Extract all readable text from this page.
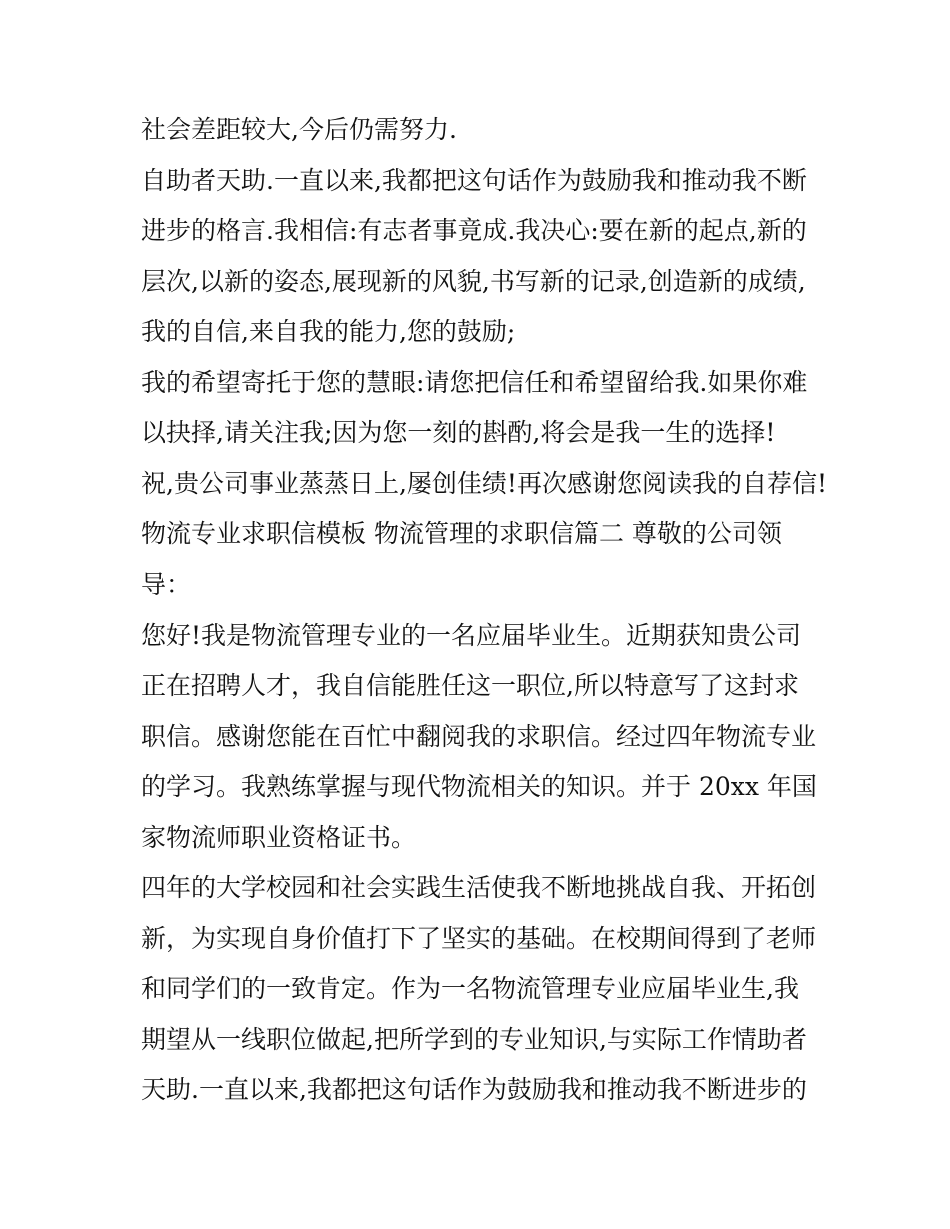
社会差距较大,今后仍需努力.
自助者天助.一直以来,我都把这句话作为鼓励我和推动我不断
进步的格言.我相信:有志者事竟成.我决心:要在新的起点,新的
层次,以新的姿态,展现新的风貌,书写新的记录,创造新的成绩,
我的自信,来自我的能力,您的鼓励;
我的希望寄托于您的慧眼:请您把信任和希望留给我.如果你难
以抉择,请关注我;因为您一刻的斟酌,将会是我一生的选择!
祝,贵公司事业蒸蒸日上,屡创佳绩!再次感谢您阅读我的自荐信!
物流专业求职信模板 物流管理的求职信篇二 尊敬的公司领
导：
您好!我是物流管理专业的一名应届毕业生。近期获知贵公司
正在招聘人才，我自信能胜任这一职位,所以特意写了这封求
职信。感谢您能在百忙中翻阅我的求职信。经过四年物流专业
的学习。我熟练掌握与现代物流相关的知识。并于 20xx 年国
家物流师职业资格证书。
四年的大学校园和社会实践生活使我不断地挑战自我、开拓创
新，为实现自身价值打下了坚实的基础。在校期间得到了老师
和同学们的一致肯定。作为一名物流管理专业应届毕业生,我
期望从一线职位做起,把所学到的专业知识,与实际工作情助者
天助.一直以来,我都把这句话作为鼓励我和推动我不断进步的
